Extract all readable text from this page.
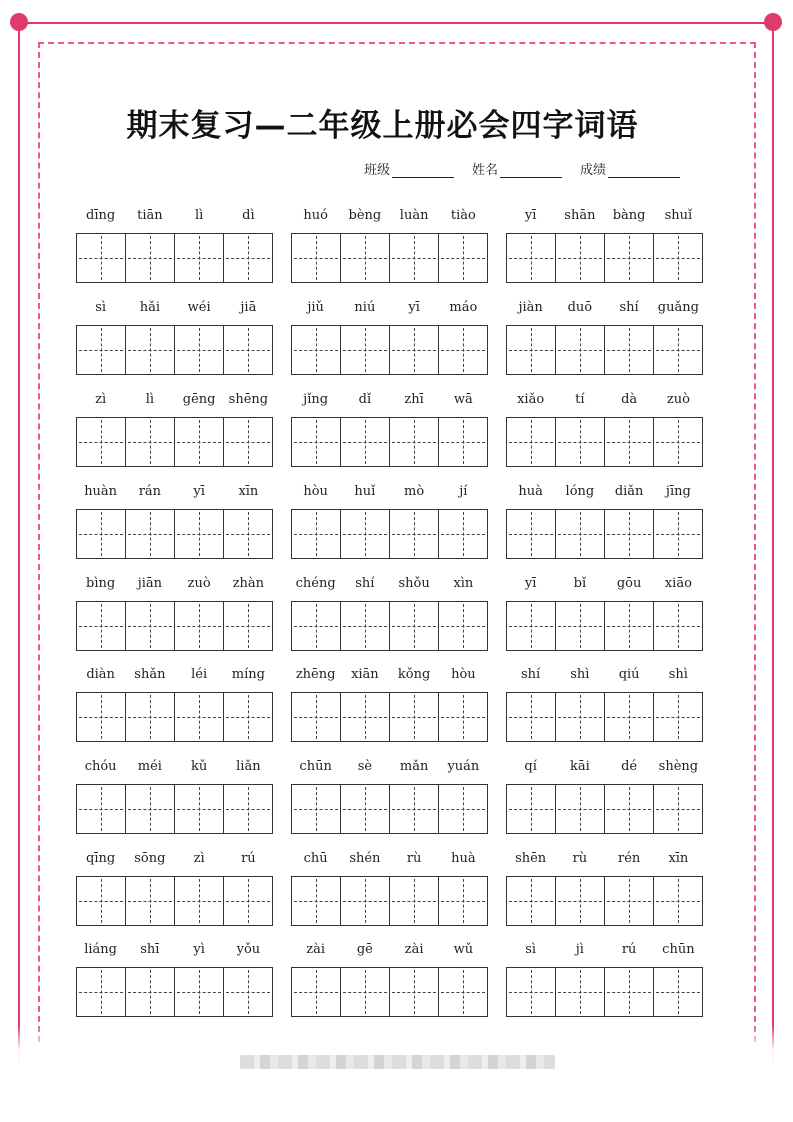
期末复习—二年级上册必会四字词语
班级	姓名	成绩
dīng	tiān	lì	dì	huó	bèng	luàn	tiào	yī	shān	bàng	shuǐ
sì	hǎi	wéi	jiā	jiǔ	niú	yī	máo	jiàn	duō	shí	guǎng
zì	lì	gēng	shēng	jǐng	dǐ	zhī	wā	xiǎo	tí	dà	zuò
huàn	rán	yī	xīn	hòu	huǐ	mò	jí	huà	lóng	diǎn	jīng
bìng	jiān	zuò	zhàn	chéng	shí	shǒu	xìn	yī	bǐ	gōu	xiāo
diàn	shǎn	léi	míng	zhēng	xiān	kǒng	hòu	shí	shì	qiú	shì
chóu	méi	kǔ	liǎn	chūn	sè	mǎn	yuán	qí	kāi	dé	shèng
qīng	sōng	zì	rú	chū	shén	rù	huà	shēn	rù	rén	xīn
liáng	shī	yì	yǒu	zài	gē	zài	wǔ	sì	jì	rú	chūn
